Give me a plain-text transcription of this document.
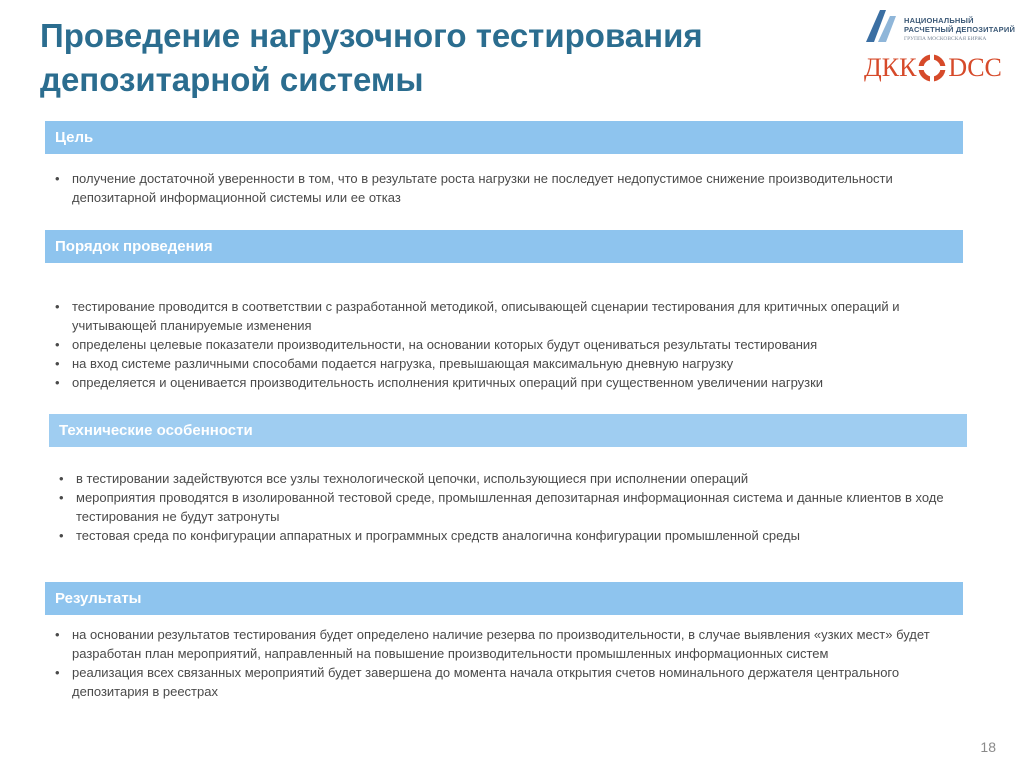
Проведение нагрузочного тестирования депозитарной системы
НАЦИОНАЛЬНЫЙ
РАСЧЕТНЫЙ ДЕПОЗИТАРИЙ
ГРУППА МОСКОВСКАЯ БИРЖА
ДКК DCC
Цель
• получение достаточной уверенности в том, что в результате роста нагрузки не последует недопустимое снижение производительности депозитарной информационной системы или ее отказ
Порядок проведения
• тестирование проводится в соответствии с разработанной методикой, описывающей сценарии тестирования для критичных операций и учитывающей планируемые изменения
• определены целевые показатели производительности, на основании которых будут оцениваться результаты тестирования
• на вход системе различными способами подается нагрузка, превышающая максимальную дневную нагрузку
• определяется и оценивается производительность исполнения критичных операций при существенном увеличении нагрузки
Технические особенности
• в тестировании задействуются все узлы технологической цепочки, использующиеся при исполнении операций
• мероприятия проводятся в изолированной тестовой среде, промышленная депозитарная информационная система и данные клиентов в ходе тестирования не будут затронуты
• тестовая среда по конфигурации аппаратных и программных средств аналогична конфигурации промышленной среды
Результаты
• на основании результатов тестирования будет определено наличие резерва по производительности, в случае выявления «узких мест» будет разработан план мероприятий, направленный на повышение производительности промышленных информационных систем
• реализация всех связанных мероприятий будет завершена до момента начала открытия счетов номинального держателя центрального депозитария в реестрах
18
